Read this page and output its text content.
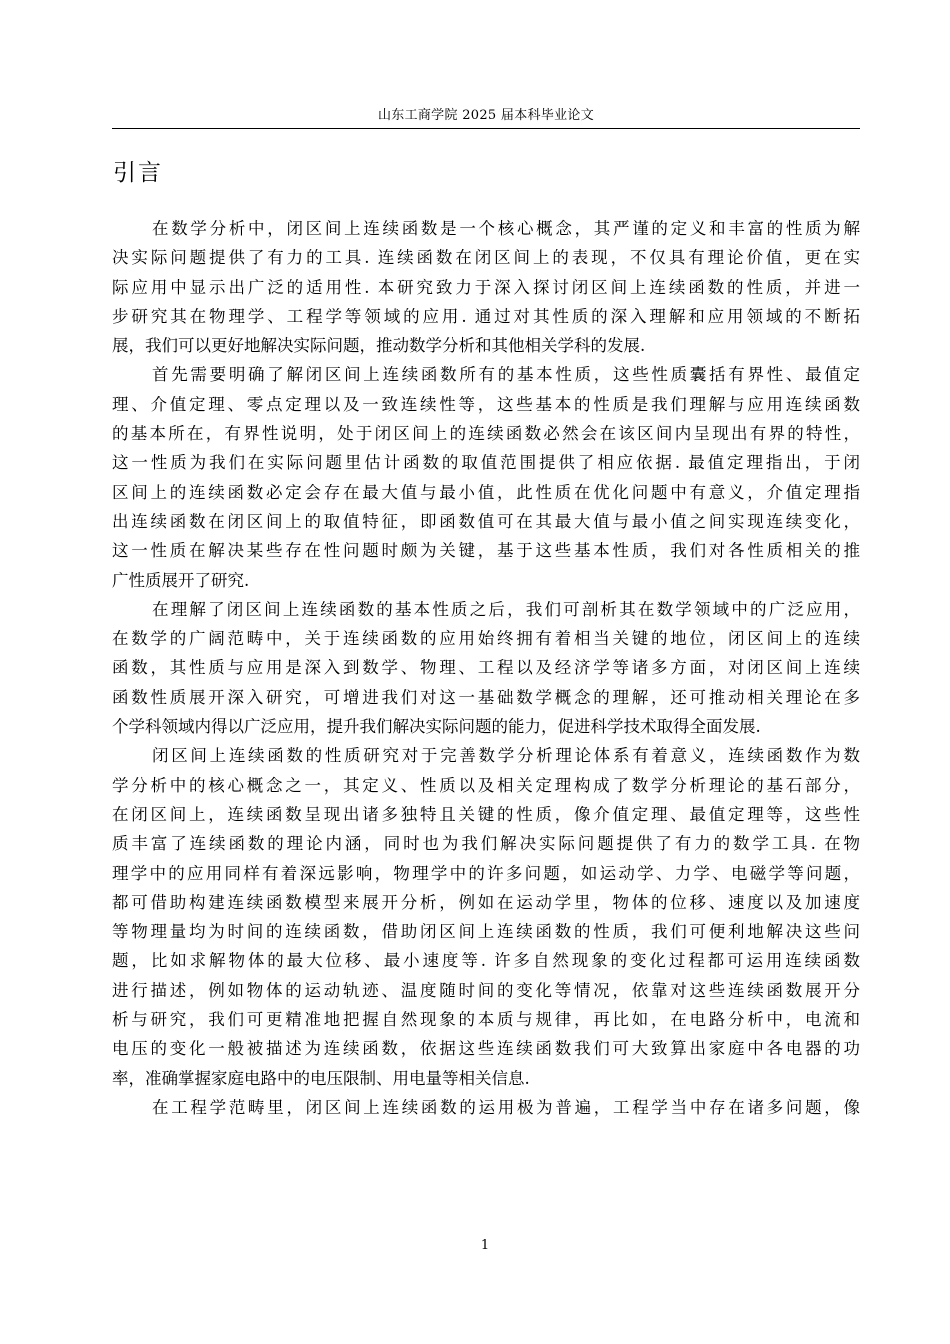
山东工商学院 2025 届本科毕业论文
引言
在数学分析中，闭区间上连续函数是一个核心概念，其严谨的定义和丰富的性质为解
决实际问题提供了有力的工具. 连续函数在闭区间上的表现，不仅具有理论价值，更在实
际应用中显示出广泛的适用性. 本研究致力于深入探讨闭区间上连续函数的性质，并进一
步研究其在物理学、工程学等领域的应用. 通过对其性质的深入理解和应用领域的不断拓
展，我们可以更好地解决实际问题，推动数学分析和其他相关学科的发展.
首先需要明确了解闭区间上连续函数所有的基本性质，这些性质囊括有界性、最值定
理、介值定理、零点定理以及一致连续性等，这些基本的性质是我们理解与应用连续函数
的基本所在，有界性说明，处于闭区间上的连续函数必然会在该区间内呈现出有界的特性，
这一性质为我们在实际问题里估计函数的取值范围提供了相应依据. 最值定理指出，于闭
区间上的连续函数必定会存在最大值与最小值，此性质在优化问题中有意义，介值定理指
出连续函数在闭区间上的取值特征，即函数值可在其最大值与最小值之间实现连续变化，
这一性质在解决某些存在性问题时颇为关键，基于这些基本性质，我们对各性质相关的推
广性质展开了研究.
在理解了闭区间上连续函数的基本性质之后，我们可剖析其在数学领域中的广泛应用，
在数学的广阔范畴中，关于连续函数的应用始终拥有着相当关键的地位，闭区间上的连续
函数，其性质与应用是深入到数学、物理、工程以及经济学等诸多方面，对闭区间上连续
函数性质展开深入研究，可增进我们对这一基础数学概念的理解，还可推动相关理论在多
个学科领域内得以广泛应用，提升我们解决实际问题的能力，促进科学技术取得全面发展.
闭区间上连续函数的性质研究对于完善数学分析理论体系有着意义，连续函数作为数
学分析中的核心概念之一，其定义、性质以及相关定理构成了数学分析理论的基石部分，
在闭区间上，连续函数呈现出诸多独特且关键的性质，像介值定理、最值定理等，这些性
质丰富了连续函数的理论内涵，同时也为我们解决实际问题提供了有力的数学工具. 在物
理学中的应用同样有着深远影响，物理学中的许多问题，如运动学、力学、电磁学等问题，
都可借助构建连续函数模型来展开分析，例如在运动学里，物体的位移、速度以及加速度
等物理量均为时间的连续函数，借助闭区间上连续函数的性质，我们可便利地解决这些问
题，比如求解物体的最大位移、最小速度等. 许多自然现象的变化过程都可运用连续函数
进行描述，例如物体的运动轨迹、温度随时间的变化等情况，依靠对这些连续函数展开分
析与研究，我们可更精准地把握自然现象的本质与规律，再比如，在电路分析中，电流和
电压的变化一般被描述为连续函数，依据这些连续函数我们可大致算出家庭中各电器的功
率，准确掌握家庭电路中的电压限制、用电量等相关信息.
在工程学范畴里，闭区间上连续函数的运用极为普遍，工程学当中存在诸多问题，像
1
